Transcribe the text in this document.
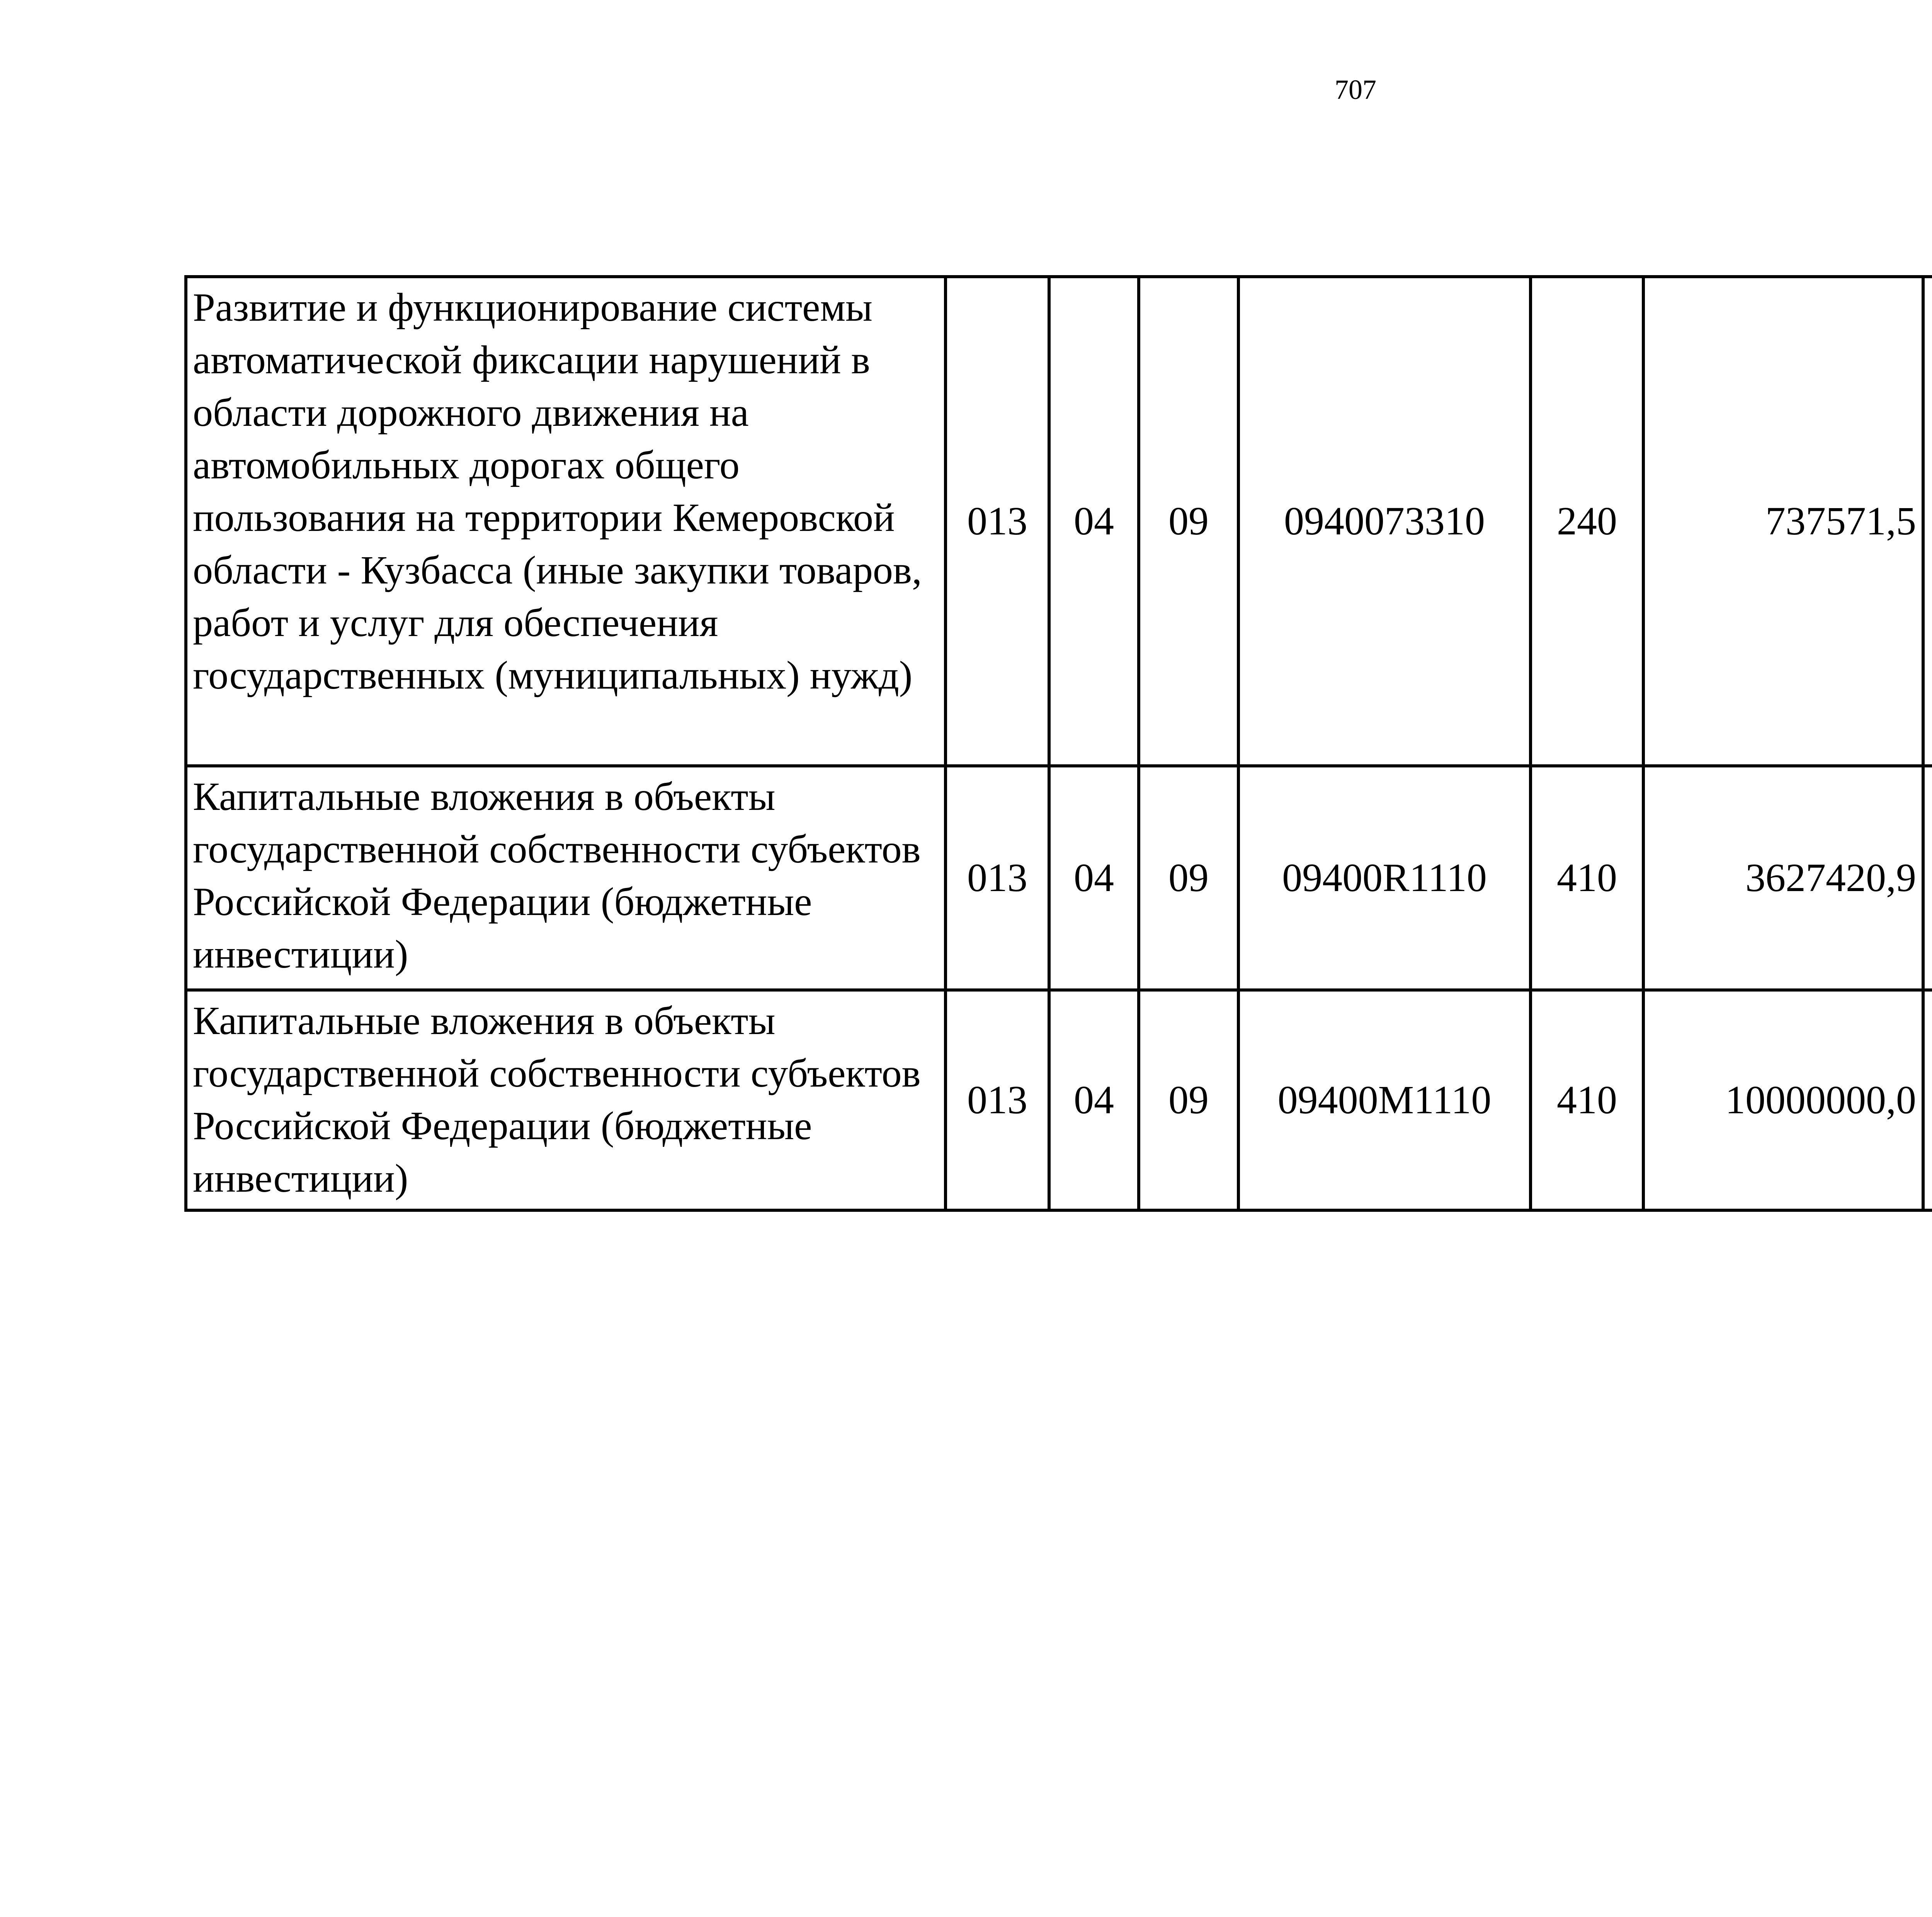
707
Развитие и функционирование системы автоматической фиксации нарушений в области дорожного движения на автомобильных дорогах общего пользования на территории Кемеровской области - Кузбасса (иные закупки товаров, работ и услуг для обеспечения государственных (муниципальных) нужд)	013	04	09	0940073310	240	737571,5		
Капитальные вложения в объекты государственной собственности субъектов Российской Федерации (бюджетные инвестиции)	013	04	09	09400R1110	410	3627420,9		
Капитальные вложения в объекты государственной собственности субъектов Российской Федерации (бюджетные инвестиции)	013	04	09	09400M1110	410	10000000,0		
